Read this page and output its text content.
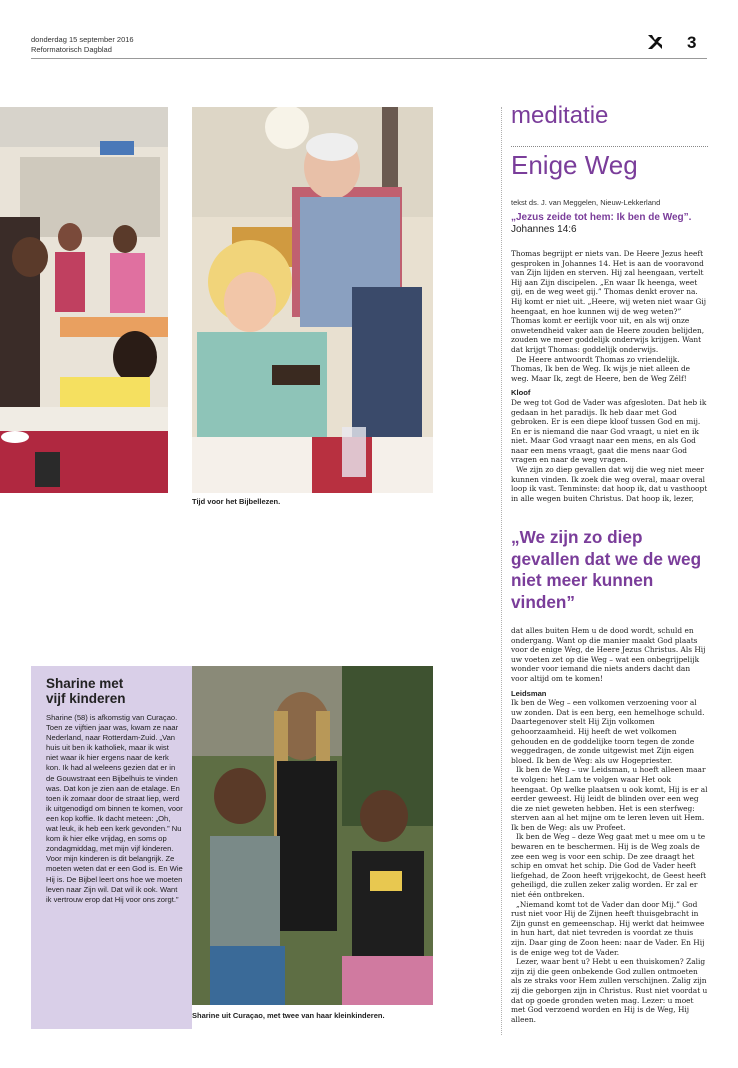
donderdag 15 september 2016
Reformatorisch Dagblad	3
Tijd voor het Bijbellezen.
Sharine met
vijf kinderen

Sharine (58) is afkomstig van Curaçao. Toen ze vijftien jaar was, kwam ze naar Nederland, naar Rotterdam-Zuid. „Van huis uit ben ik katholiek, maar ik wist niet waar ik hier ergens naar de kerk kon. Ik had al weleens gezien dat er in de Gouwstraat een Bijbelhuis te vinden was. Dat kon je zien aan de etalage. En toen ik zomaar door de straat liep, werd ik uitgenodigd om binnen te komen, voor een kop koffie. Ik dacht meteen: „Oh, wat leuk, ik heb een kerk gevonden.” Nu kom ik hier elke vrijdag, en soms op zondagmiddag, met mijn vijf kinderen. Voor mijn kinderen is dit belangrijk. Ze moeten weten dat er een God is. En Wie Hij is. De Bijbel leert ons hoe we moeten leven naar Zijn wil. Dat wil ik ook. Want ik vertrouw erop dat Hij voor ons zorgt.”

Sharine uit Curaçao, met twee van haar kleinkinderen.
meditatie
Enige Weg
tekst ds. J. van Meggelen, Nieuw-Lekkerland
„Jezus zeide tot hem: Ik ben de Weg”.
Johannes 14:6

Thomas begrijpt er niets van. De Heere Jezus heeft gesproken in Johannes 14. Het is aan de vooravond van Zijn lijden en sterven. Hij zal heengaan, vertelt Hij aan Zijn discipelen. „En waar Ik heenga, weet gij, en de weg weet gij.” Thomas denkt erover na. Hij komt er niet uit. „Heere, wij weten niet waar Gij heengaat, en hoe kunnen wij de weg weten?” Thomas komt er eerlijk voor uit, en als wij onze onwetendheid vaker aan de Heere zouden belijden, zouden we meer goddelijk onderwijs krijgen. Want dat krijgt Thomas: goddelijk onderwijs.

De Heere antwoordt Thomas zo vriendelijk. Thomas, Ik ben de Weg. Ik wijs je niet alleen de weg. Maar Ik, zegt de Heere, ben de Weg Zélf!

Kloof

De weg tot God de Vader was afgesloten. Dat heb ik gedaan in het paradijs. Ik heb daar met God gebroken. Er is een diepe kloof tussen God en mij. En er is niemand die naar God vraagt, u niet en ik niet. Maar God vraagt naar een mens, en als God naar een mens vraagt, gaat die mens naar God vragen en naar de weg vragen.

We zijn zo diep gevallen dat wij die weg niet meer kunnen vinden. Ik zoek die weg overal, maar overal loop ik vast. Tenminste: dat hoop ik, dat u vasthoopt in alle wegen buiten Christus. Dat hoop ik, lezer,

„We zijn zo diep gevallen dat we de weg niet meer kunnen vinden”

dat alles buiten Hem u de dood wordt, schuld en ondergang. Want op die manier maakt God plaats voor de enige Weg, de Heere Jezus Christus. Als Hij uw voeten zet op die Weg – wat een onbegrijpelijk wonder voor iemand die niets anders dacht dan voor altijd om te komen!

Leidsman

Ik ben de Weg – een volkomen verzoening voor al uw zonden. Dat is een berg, een hemelhoge schuld. Daartegenover stelt Hij Zijn volkomen gehoorzaamheid. Hij heeft de wet volkomen gehouden en de goddelijke toorn tegen de zonde weggedragen, de zonde uitgewist met Zijn eigen bloed. Ik ben de Weg: als uw Hogepriester.

Ik ben de Weg – uw Leidsman, u hoeft alleen maar te volgen: het Lam te volgen waar Het ook heengaat. Op welke plaatsen u ook komt, Hij is er al eerder geweest. Hij leidt de blinden over een weg die ze niet geweten hebben. Het is een sterfweg: sterven aan al het mijne om te leren leven uit Hem. Ik ben de Weg: als uw Profeet.

Ik ben de Weg – deze Weg gaat met u mee om u te bewaren en te beschermen. Hij is de Weg zoals de zee een weg is voor een schip. De zee draagt het schip en omvat het schip. Die God de Vader heeft liefgehad, de Zoon heeft vrijgekocht, de Geest heeft geheiligd, die zullen zeker zalig worden. Er zal er niet één ontbreken.

„Niemand komt tot de Vader dan door Mij.” God rust niet voor Hij de Zijnen heeft thuisgebracht in Zijn gunst en gemeenschap. Hij werkt dat heimwee in hun hart, dat niet tevreden is voordat ze thuis zijn. Daar ging de Zoon heen: naar de Vader. En Hij is de enige weg tot de Vader.

Lezer, waar bent u? Hebt u een thuiskomen? Zalig zijn zij die geen onbekende God zullen ontmoeten als ze straks voor Hem zullen verschijnen. Zalig zijn zij die geborgen zijn in Christus. Rust niet voordat u dat op goede gronden weten mag. Lezer: u moet met God verzoend worden en Hij is de Weg, Hij alleen.
